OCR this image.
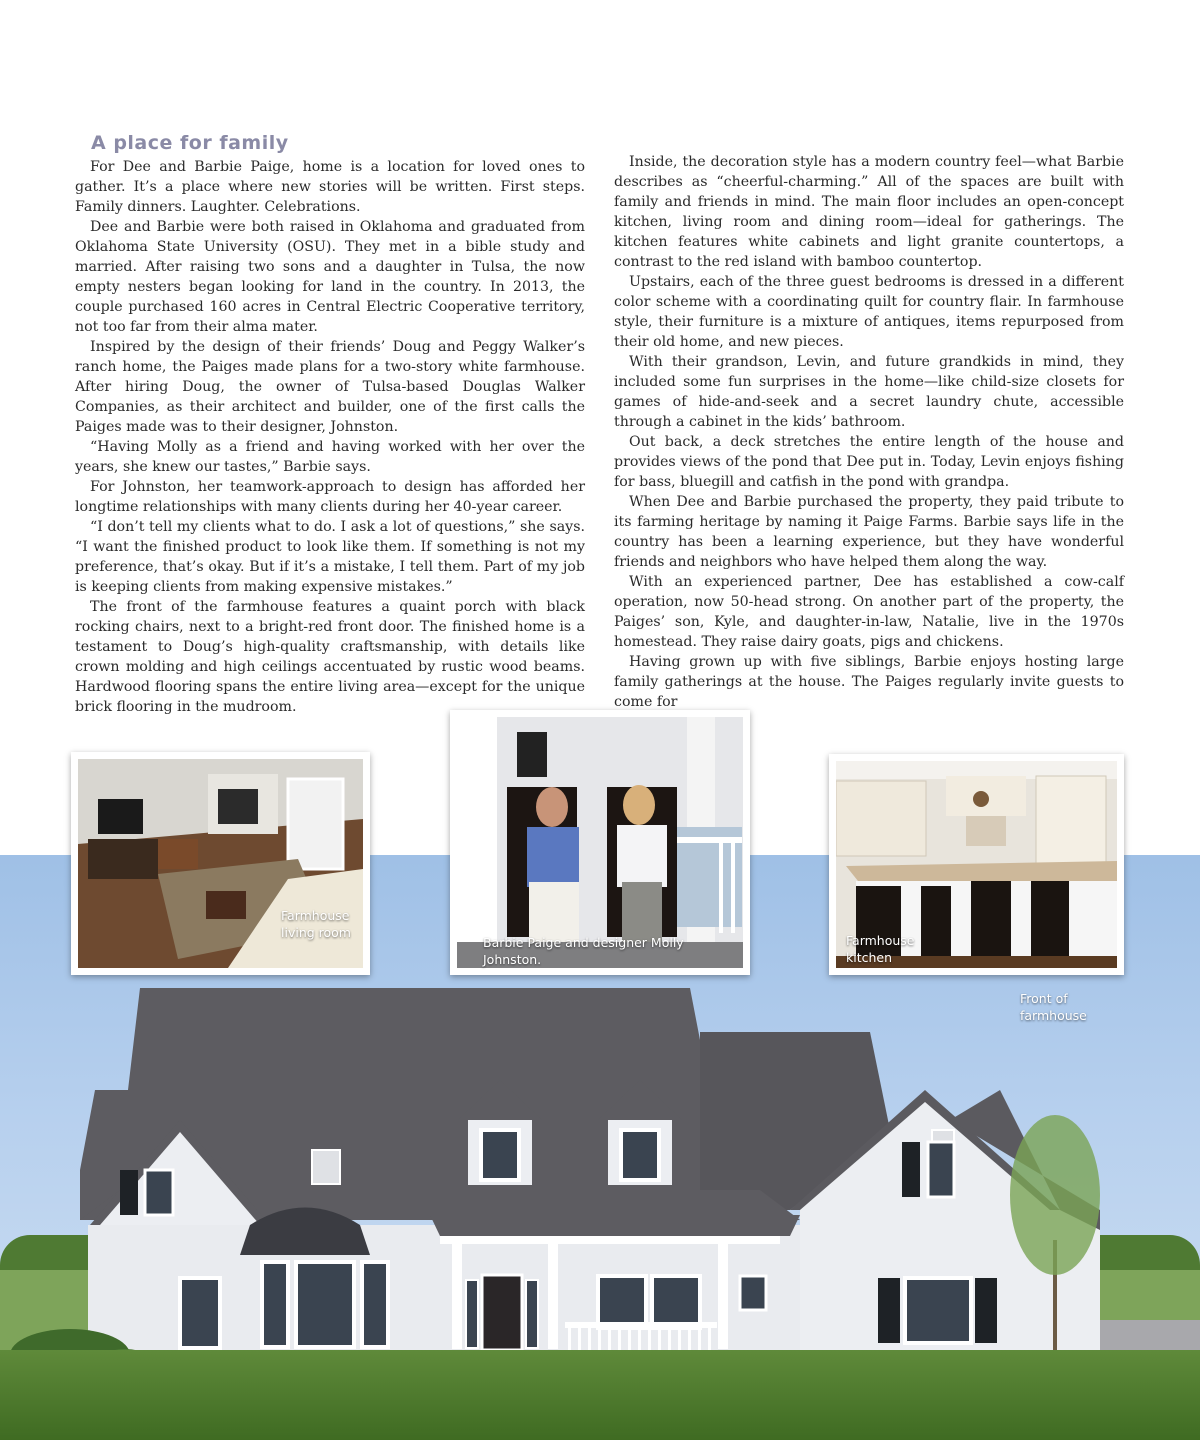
A place for family

For Dee and Barbie Paige, home is a location for loved ones to gather. It’s a place where new stories will be written. First steps. Family dinners. Laughter. Celebrations.

Dee and Barbie were both raised in Oklahoma and graduated from Oklahoma State University (OSU). They met in a bible study and married. After raising two sons and a daughter in Tulsa, the now empty nesters began looking for land in the country. In 2013, the couple purchased 160 acres in Central Electric Cooperative territory, not too far from their alma mater.

Inspired by the design of their friends’ Doug and Peggy Walker’s ranch home, the Paiges made plans for a two-story white farmhouse. After hiring Doug, the owner of Tulsa-based Douglas Walker Companies, as their architect and builder, one of the first calls the Paiges made was to their designer, Johnston.

“Having Molly as a friend and having worked with her over the years, she knew our tastes,” Barbie says.

For Johnston, her teamwork-approach to design has afforded her longtime relationships with many clients during her 40-year career.

“I don’t tell my clients what to do. I ask a lot of questions,” she says. “I want the finished product to look like them. If something is not my preference, that’s okay. But if it’s a mistake, I tell them. Part of my job is keeping clients from making expensive mistakes.”

The front of the farmhouse features a quaint porch with black rocking chairs, next to a bright-red front door. The finished home is a testament to Doug’s high-quality craftsmanship, with details like crown molding and high ceilings accentuated by rustic wood beams. Hardwood flooring spans the entire living area—except for the unique brick flooring in the mudroom.

Inside, the decoration style has a modern country feel—what Barbie describes as “cheerful-charming.” All of the spaces are built with family and friends in mind. The main floor includes an open-concept kitchen, living room and dining room—ideal for gatherings. The kitchen features white cabinets and light granite countertops, a contrast to the red island with bamboo countertop.

Upstairs, each of the three guest bedrooms is dressed in a different color scheme with a coordinating quilt for country flair. In farmhouse style, their furniture is a mixture of antiques, items repurposed from their old home, and new pieces.

With their grandson, Levin, and future grandkids in mind, they included some fun surprises in the home—like child-size closets for games of hide-and-seek and a secret laundry chute, accessible through a cabinet in the kids’ bathroom.

Out back, a deck stretches the entire length of the house and provides views of the pond that Dee put in. Today, Levin enjoys fishing for bass, bluegill and catfish in the pond with grandpa.

When Dee and Barbie purchased the property, they paid tribute to its farming heritage by naming it Paige Farms. Barbie says life in the country has been a learning experience, but they have wonderful friends and neighbors who have helped them along the way.

With an experienced partner, Dee has established a cow-calf operation, now 50-head strong. On another part of the property, the Paiges’ son, Kyle, and daughter-in-law, Natalie, live in the 1970s homestead. They raise dairy goats, pigs and chickens.

Having grown up with five siblings, Barbie enjoys hosting large family gatherings at the house. The Paiges regularly invite guests to come for

Front of farmhouse
Farmhouse living room
Barbie Paige and designer Molly Johnston.
Farmhouse kitchen
